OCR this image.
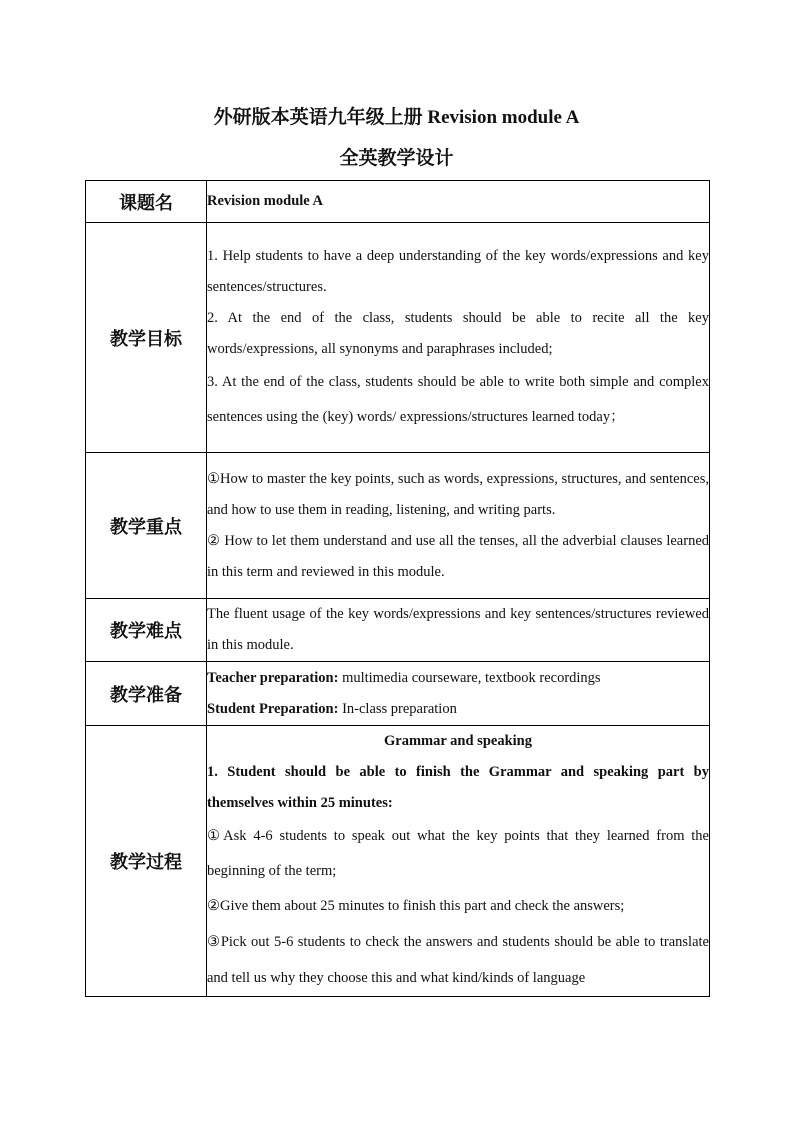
外研版本英语九年级上册 Revision module A
全英教学设计
课题名	Revision module A

教学目标	1. Help students to have a deep understanding of the key words/expressions and key sentences/structures.

2. At the end of the class, students should be able to recite all the key words/expressions, all synonyms and paraphrases included;

3. At the end of the class, students should be able to write both simple and complex sentences using the (key) words/ expressions/structures learned today；

教学重点	①How to master the key points, such as words, expressions, structures, and sentences, and how to use them in reading, listening, and writing parts.

② How to let them understand and use all the tenses, all the adverbial clauses learned in this term and reviewed in this module.

教学难点	The fluent usage of the key words/expressions and key sentences/structures reviewed in this module.

教学准备	Teacher preparation: multimedia courseware, textbook recordings

Student Preparation: In-class preparation

教学过程	Grammar and speaking

1. Student should be able to finish the Grammar and speaking part by themselves within 25 minutes:

①Ask 4-6 students to speak out what the key points that they learned from the beginning of the term;

②Give them about 25 minutes to finish this part and check the answers;

③Pick out 5-6 students to check the answers and students should be able to translate and tell us why they choose this and what kind/kinds of language
